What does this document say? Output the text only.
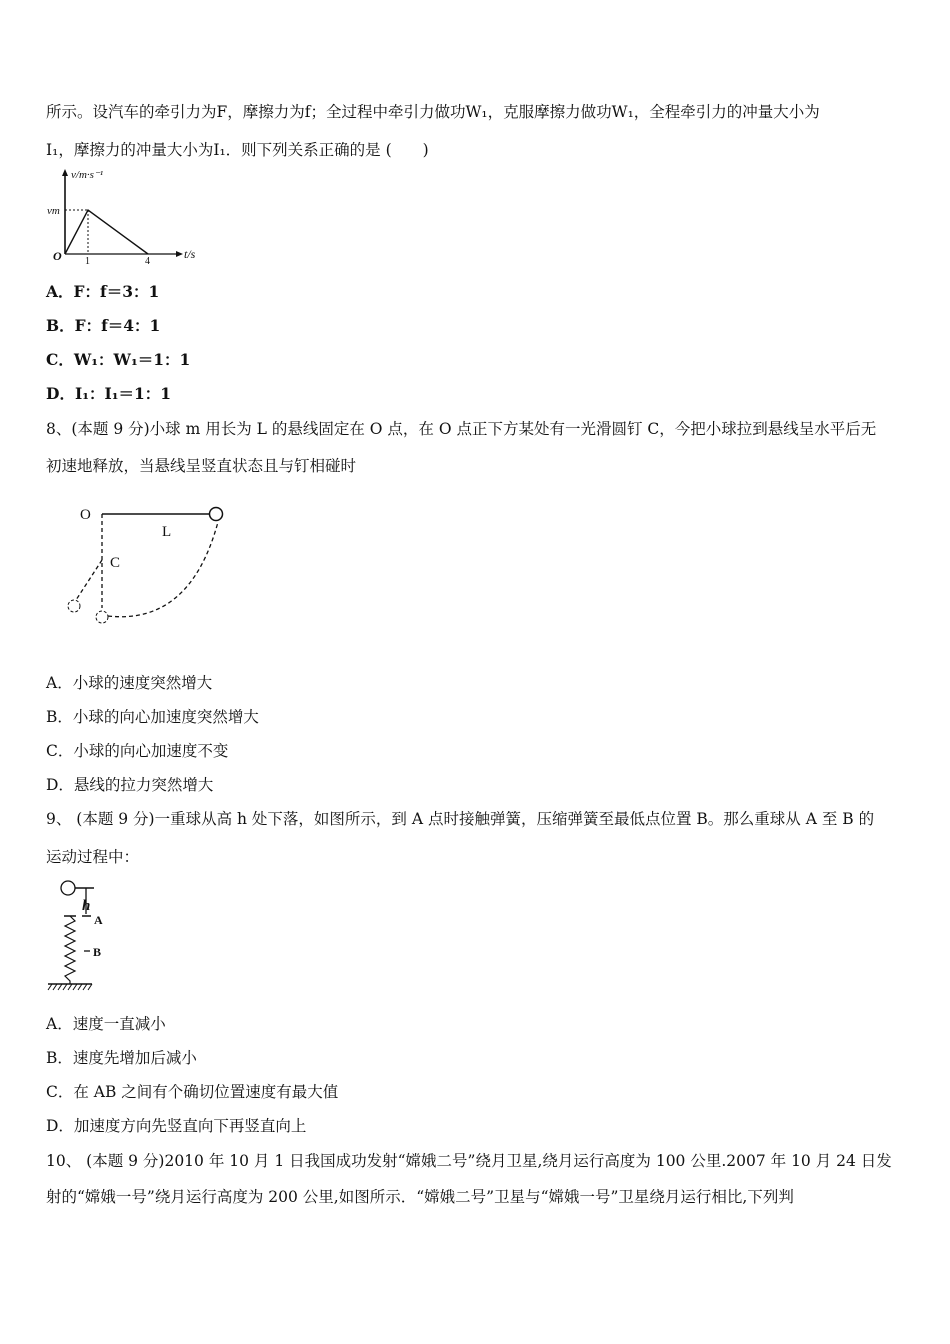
所示。设汽车的牵引力为F，摩擦力为f；全过程中牵引力做功W₁，克服摩擦力做功W₁，全程牵引力的冲量大小为
I₁，摩擦力的冲量大小为I₁．则下列关系正确的是 (　　)
v/m·s⁻¹
vm
O 1	4
t/s
A．F：f＝3：1
B．F：f＝4：1
C．W₁：W₁＝1：1
D．I₁：I₁＝1：1
8、(本题 9 分)小球 m 用长为 L 的悬线固定在 O 点，在 O 点正下方某处有一光滑圆钉 C，今把小球拉到悬线呈水平后无
初速地释放，当悬线呈竖直状态且与钉相碰时
O
L
C
A．小球的速度突然增大
B．小球的向心加速度突然增大
C．小球的向心加速度不变
D．悬线的拉力突然增大
9、 (本题 9 分)一重球从高 h 处下落，如图所示，到 A 点时接触弹簧，压缩弹簧至最低点位置 B。那么重球从 A 至 B 的
运动过程中：
h
A
B
A．速度一直减小
B．速度先增加后减小
C．在 AB 之间有个确切位置速度有最大值
D．加速度方向先竖直向下再竖直向上
10、 (本题 9 分)2010 年 10 月 1 日我国成功发射“嫦娥二号”绕月卫星,绕月运行高度为 100 公里.2007 年 10 月 24 日发
射的“嫦娥一号”绕月运行高度为 200 公里,如图所示．“嫦娥二号”卫星与“嫦娥一号”卫星绕月运行相比,下列判
